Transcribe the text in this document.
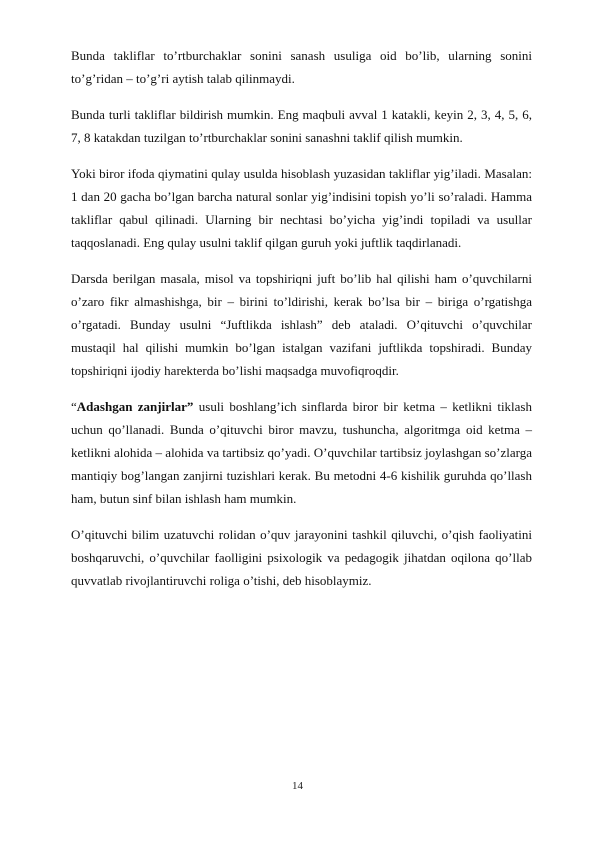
Bunda takliflar to’rtburchaklar sonini sanash usuliga oid bo’lib, ularning sonini to’g’ridan – to’g’ri aytish talab qilinmaydi.

Bunda turli takliflar bildirish mumkin. Eng maqbuli avval 1 katakli, keyin 2, 3, 4, 5, 6, 7, 8 katakdan tuzilgan to’rtburchaklar sonini sanashni taklif qilish mumkin.

Yoki biror ifoda qiymatini qulay usulda hisoblash yuzasidan takliflar yig’iladi. Masalan: 1 dan 20 gacha bo’lgan barcha natural sonlar yig’indisini topish yo’li so’raladi. Hamma takliflar qabul qilinadi. Ularning bir nechtasi bo’yicha yig’indi topiladi va usullar taqqoslanadi. Eng qulay usulni taklif qilgan guruh yoki juftlik taqdirlanadi.

Darsda berilgan masala, misol va topshiriqni juft bo’lib hal qilishi ham o’quvchilarni o’zaro fikr almashishga, bir – birini to’ldirishi, kerak bo’lsa bir – biriga o’rgatishga o’rgatadi. Bunday usulni “Juftlikda ishlash” deb ataladi. O’qituvchi o’quvchilar mustaqil hal qilishi mumkin bo’lgan istalgan vazifani juftlikda topshiradi. Bunday topshiriqni ijodiy harekterda bo’lishi maqsadga muvofiqroqdir.

“Adashgan zanjirlar” usuli boshlang’ich sinflarda biror bir ketma – ketlikni tiklash uchun qo’llanadi. Bunda o’qituvchi biror mavzu, tushuncha, algoritmga oid ketma – ketlikni alohida – alohida va tartibsiz qo’yadi. O’quvchilar tartibsiz joylashgan so’zlarga mantiqiy bog’langan zanjirni tuzishlari kerak. Bu metodni 4-6 kishilik guruhda qo’llash ham, butun sinf bilan ishlash ham mumkin.

O’qituvchi bilim uzatuvchi rolidan o’quv jarayonini tashkil qiluvchi, o’qish faoliyatini boshqaruvchi, o’quvchilar faolligini psixologik va pedagogik jihatdan oqilona qo’llab quvvatlab rivojlantiruvchi roliga o’tishi, deb hisoblaymiz.

14
